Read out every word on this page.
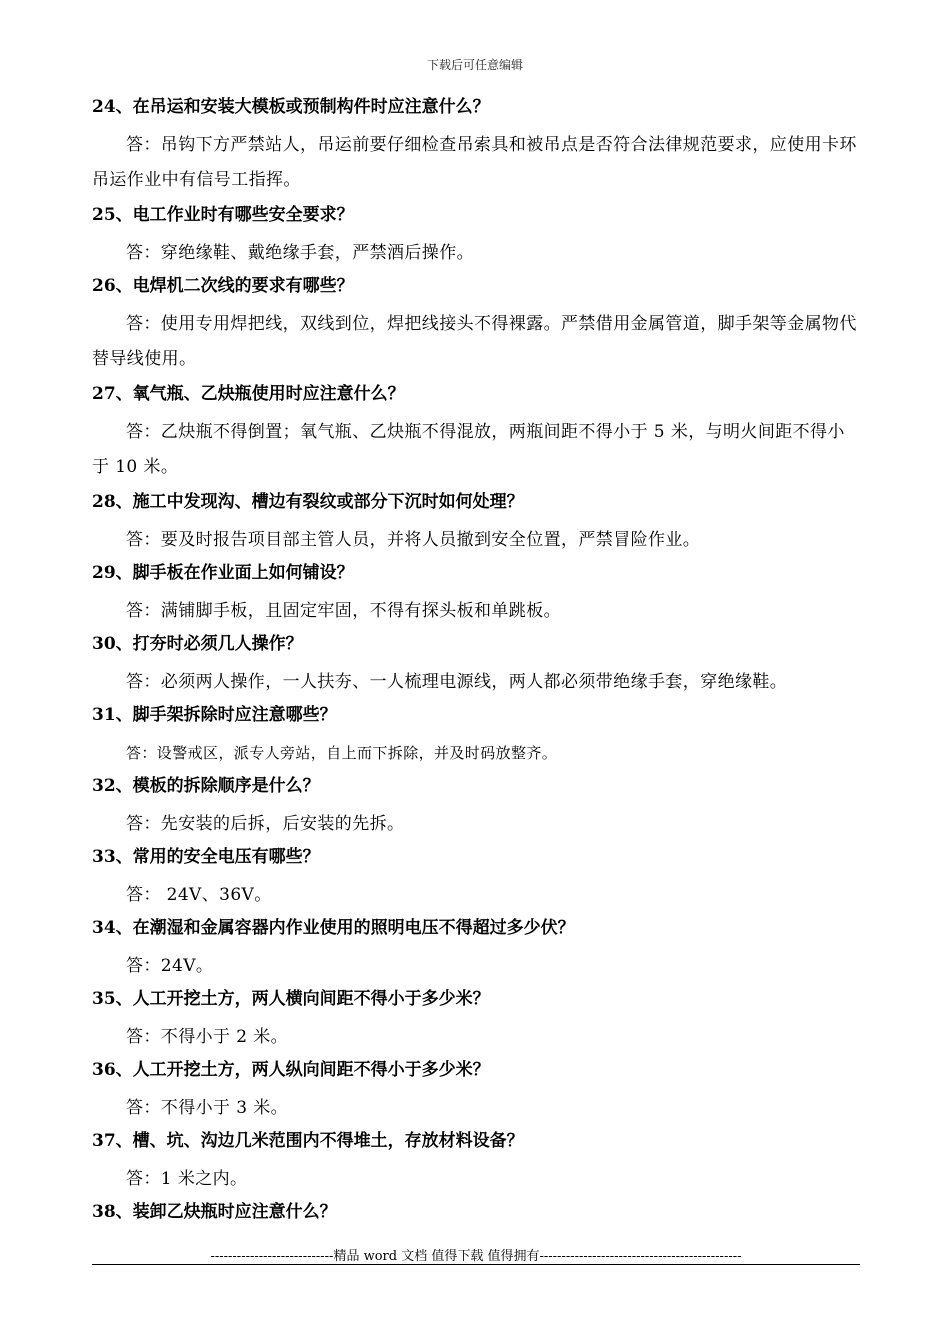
下载后可任意编辑

24、在吊运和安装大模板或预制构件时应注意什么？

答：吊钩下方严禁站人，吊运前要仔细检查吊索具和被吊点是否符合法律规范要求，应使用卡环吊运作业中有信号工指挥。

25、电工作业时有哪些安全要求？

答：穿绝缘鞋、戴绝缘手套，严禁酒后操作。

26、电焊机二次线的要求有哪些？

答：使用专用焊把线，双线到位，焊把线接头不得裸露。严禁借用金属管道，脚手架等金属物代替导线使用。

27、氧气瓶、乙炔瓶使用时应注意什么？

答：乙炔瓶不得倒置；氧气瓶、乙炔瓶不得混放，两瓶间距不得小于 5 米，与明火间距不得小于 10 米。

28、施工中发现沟、槽边有裂纹或部分下沉时如何处理？

答：要及时报告项目部主管人员，并将人员撤到安全位置，严禁冒险作业。

29、脚手板在作业面上如何铺设？

答：满铺脚手板，且固定牢固，不得有探头板和单跳板。

30、打夯时必须几人操作？

答：必须两人操作，一人扶夯、一人梳理电源线，两人都必须带绝缘手套，穿绝缘鞋。

31、脚手架拆除时应注意哪些？

答：设警戒区，派专人旁站，自上而下拆除，并及时码放整齐。

32、模板的拆除顺序是什么？

答：先安装的后拆，后安装的先拆。

33、常用的安全电压有哪些？

答： 24V、36V。

34、在潮湿和金属容器内作业使用的照明电压不得超过多少伏？

答：24V。

35、人工开挖土方，两人横向间距不得小于多少米？

答：不得小于 2 米。

36、人工开挖土方，两人纵向间距不得小于多少米？

答：不得小于 3 米。

37、槽、坑、沟边几米范围内不得堆土，存放材料设备？

答：1 米之内。

38、装卸乙炔瓶时应注意什么？

----------------------------精品 word 文档 值得下载 值得拥有----------------------------------------------
